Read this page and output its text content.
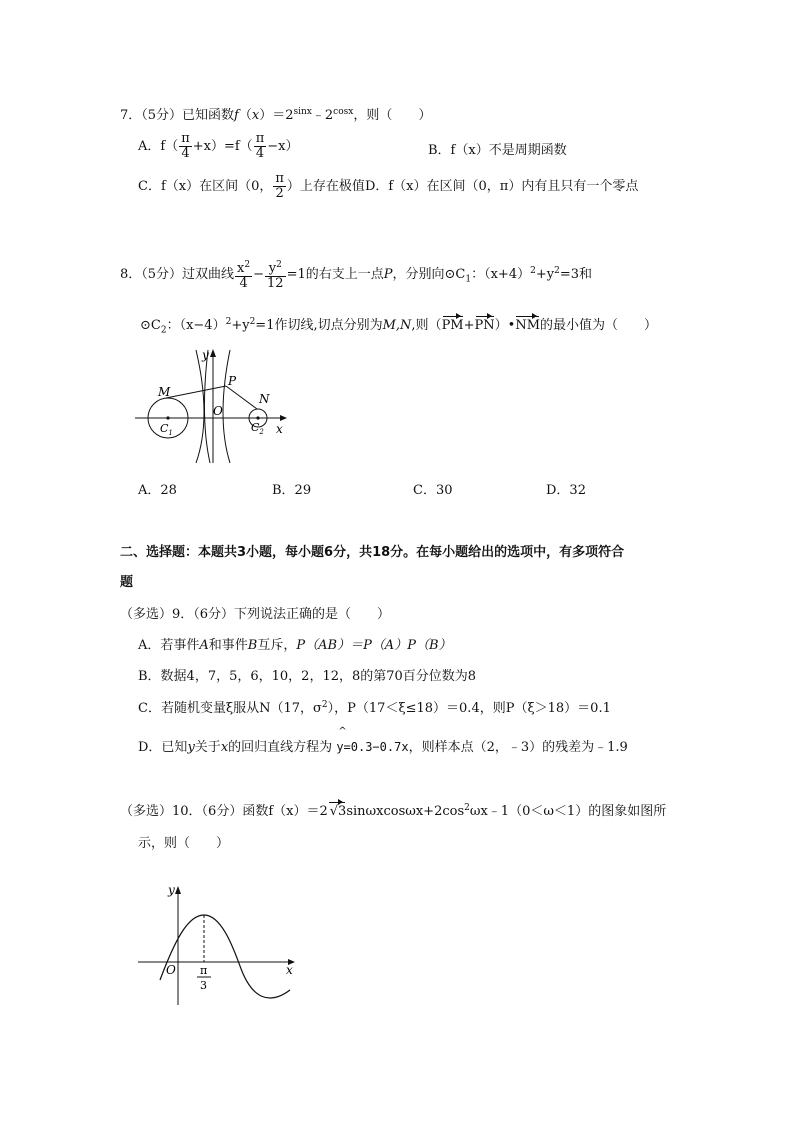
7．（5分）已知函数$f(x)=2^{sinx}﹣2^{cosx}$，则（　　）
A．$f( \frac{\pi}{4} +x)=f( \frac{\pi}{4} -x)$	B．f（x）不是周期函数
C．f（x）在区间（0， $\frac{\pi}{2}$ ）上存在极值D．f（x）在区间（0，π）内有且只有一个零点
8．（5分）过双曲线 $\frac{x^2}{4} - \frac{y^2}{12} =1$的右支上一点P，分别向$⊙C_1$：$(x+4)^2+y^2=3$和
$⊙C_2$：$(x-4)^2+y^2=1$作切线,切点分别为M,N,则（PM+PN）•NM的最小值为（　　）
y
M
P
N
O
$C_1$	$C_2$ x
A．28	B．29	C．30	D．32
二、选择题：本题共3小题，每小题6分，共18分。在每小题给出的选项中，有多项符合
题
（多选）9．（6分）下列说法正确的是（　　）
A．若事件A和事件B互斥，P（AB）＝P（A）P（B）
B．数据4，7，5，6，10，2，12，8的第70百分位数为8
C．若随机变量ξ服从N（17，$\sigma^2$），P（17＜ξ≤18）＝0.4，则P（ξ＞18）＝0.1
D．已知y关于x的回归直线方程为
^
y=0.3−0.7x，则样本点（2，﹣3）的残差为﹣1.9
（多选）10．（6分）函数f（x）＝2 $√3\sin\omega xcos\omega x+2\cos^2\omega x﹣1(0<\omega<1)$的图象如图所
示，则（　　）
y
O π
3
x
